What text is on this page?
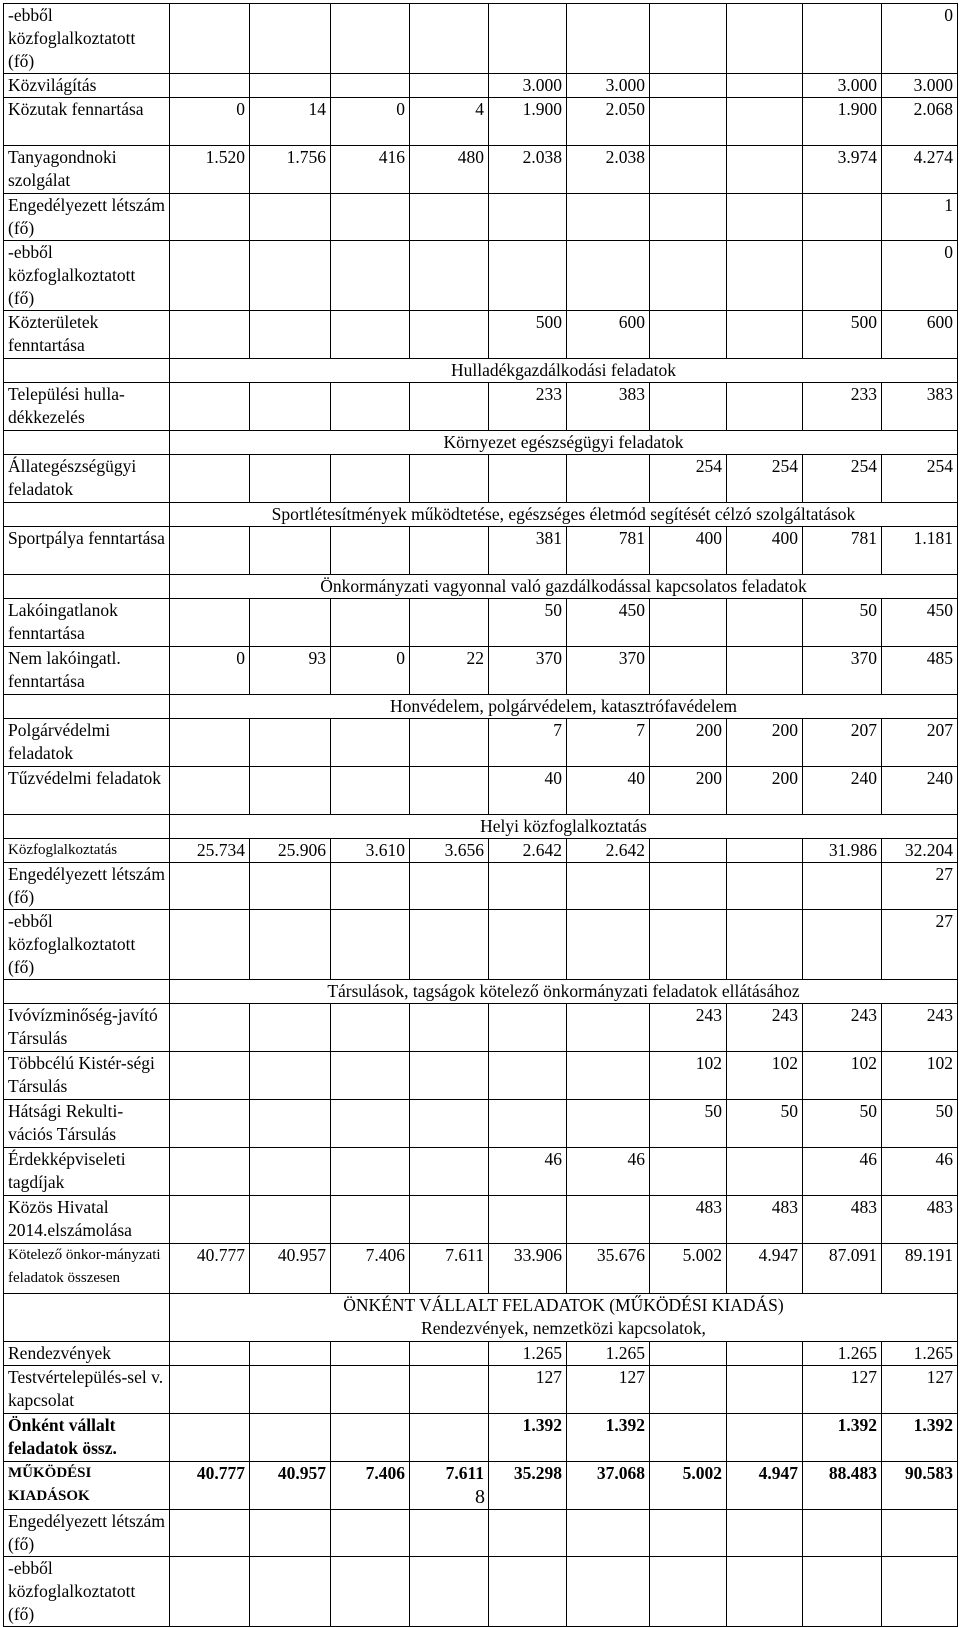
-ebből közfoglalkoztatott (fő)										0
Közvilágítás					3.000	3.000			3.000	3.000
Közutak fennartása	0	14	0	4	1.900	2.050			1.900	2.068
Tanyagondnoki szolgálat	1.520	1.756	416	480	2.038	2.038			3.974	4.274
Engedélyezett létszám (fő)										1
-ebből közfoglalkoztatott (fő)										0
Közterületek fenntartása					500	600			500	600

	Hulladékgazdálkodási feladatok									

Települési hulla-dékkezelés					233	383			233	383

	Környezet egészségügyi feladatok									

Állategészségügyi feladatok							254	254	254	254

	Sportlétesítmények működtetése, egészséges életmód segítését célzó szolgáltatások									

Sportpálya fenntartása					381	781	400	400	781	1.181

	Önkormányzati vagyonnal való gazdálkodással kapcsolatos feladatok									

Lakóingatlanok fenntartása					50	450			50	450
Nem lakóingatl. fenntartása	0	93	0	22	370	370			370	485

	Honvédelem, polgárvédelem, katasztrófavédelem									

Polgárvédelmi feladatok					7	7	200	200	207	207
Tűzvédelmi feladatok					40	40	200	200	240	240

	Helyi közfoglalkoztatás									

Közfoglalkoztatás	25.734	25.906	3.610	3.656	2.642	2.642			31.986	32.204
Engedélyezett létszám (fő)										27
-ebből közfoglalkoztatott (fő)										27

	Társulások, tagságok kötelező önkormányzati feladatok ellátásához									

Ivóvízminőség-javító Társulás							243	243	243	243
Többcélú Kistér-ségi Társulás							102	102	102	102
Hátsági Rekulti-vációs Társulás							50	50	50	50
Érdekképviseleti tagdíjak					46	46			46	46
Közös Hivatal 2014.elszámolása							483	483	483	483
Kötelező önkor-mányzati feladatok összesen	40.777	40.957	7.406	7.611	33.906	35.676	5.002	4.947	87.091	89.191

	ÖNKÉNT VÁLLALT FELADATOK (MŰKÖDÉSI KIADÁS)
Rendezvények, nemzetközi kapcsolatok,									

Rendezvények					1.265	1.265			1.265	1.265
Testvértelepülés-sel v. kapcsolat					127	127			127	127
Önként vállalt feladatok össz.					1.392	1.392			1.392	1.392
MŰKÖDÉSI KIADÁSOK	40.777	40.957	7.406	7.611	35.298	37.068	5.002	4.947	88.483	90.583
Engedélyezett létszám (fő)										
-ebből közfoglalkoztatott (fő)										
8
